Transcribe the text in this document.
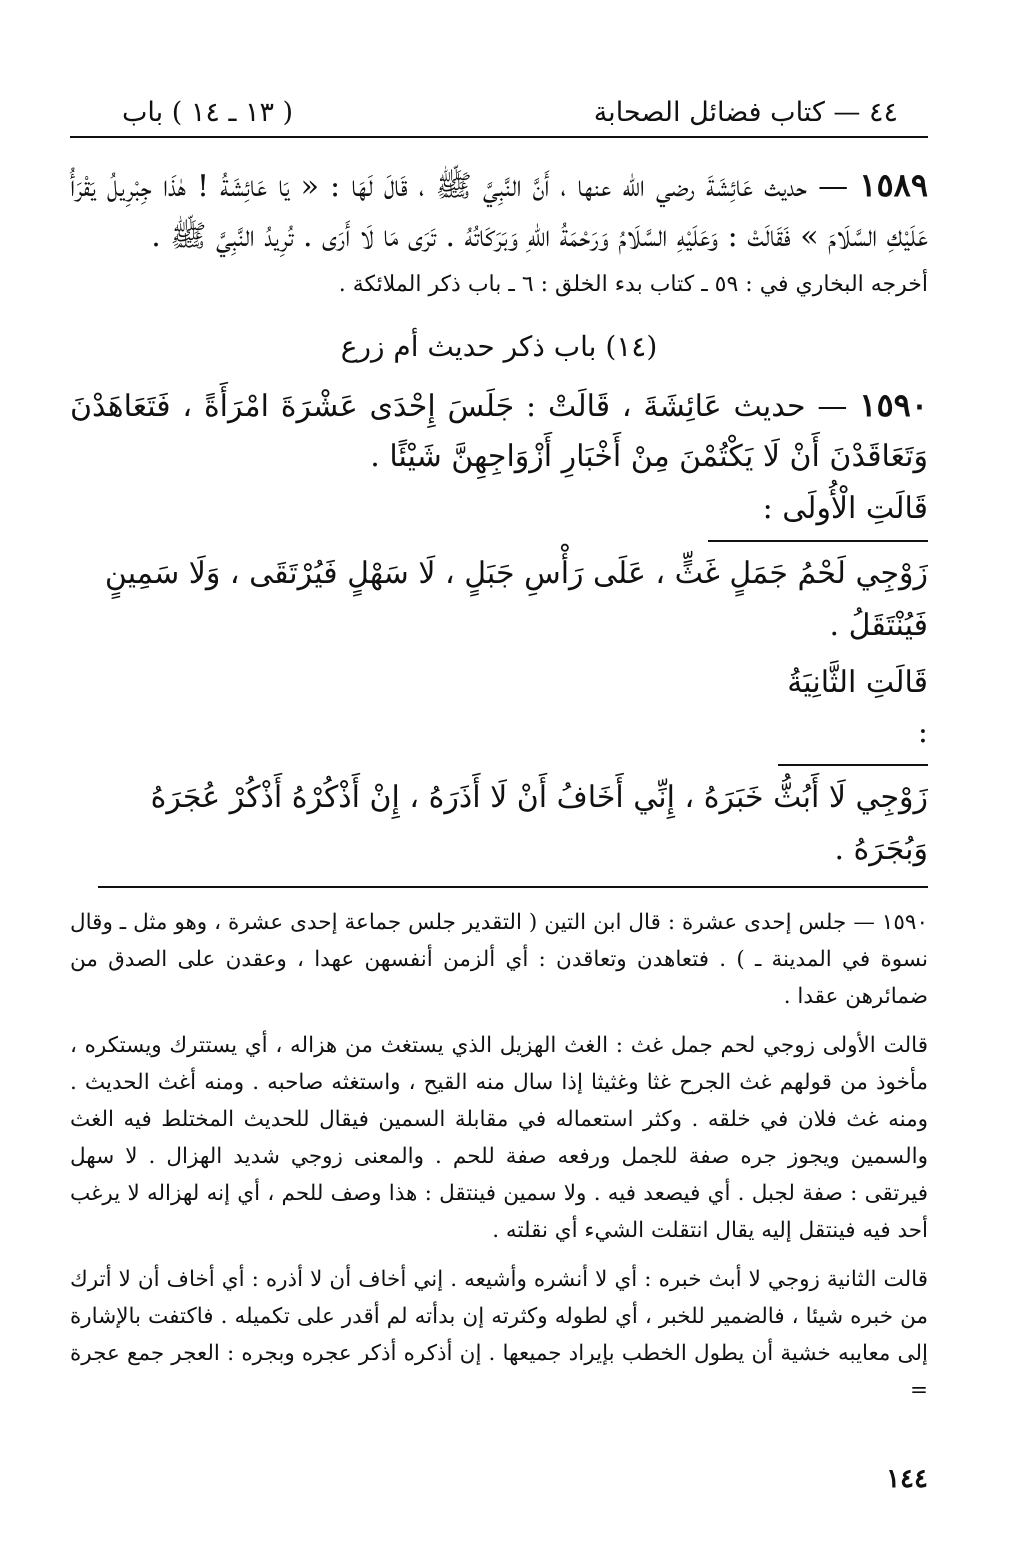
٤٤ — كتاب فضائل الصحابة
( ١٣ ـ ١٤ ) باب

١٥٨٩ — حديث عَائِشَةَ رضي الله عنها ، أَنَّ النَّبِيَّ ﷺ ، قَالَ لَهَا : « يَا عَائِشَةُ ! هٰذَا جِبْرِيلُ يَقْرَأُ عَلَيْكِ السَّلَامَ » فَقَالَتْ : وَعَلَيْهِ السَّلَامُ وَرَحْمَةُ اللهِ وَبَرَكَاتُهُ . تَرَى مَا لَا أَرَى . تُرِيدُ النَّبِيَّ ﷺ .

أخرجه البخاري في : ٥٩ ـ كتاب بدء الخلق : ٦ ـ باب ذكر الملائكة .

(١٤) باب ذكر حديث أم زرع

١٥٩٠ — حديث عَائِشَةَ ، قَالَتْ : جَلَسَ إِحْدَى عَشْرَةَ امْرَأَةً ، فَتَعَاهَدْنَ وَتَعَاقَدْنَ أَنْ لَا يَكْتُمْنَ مِنْ أَخْبَارِ أَزْوَاجِهِنَّ شَيْئًا .

قَالَتِ الْأُولَى :

زَوْجِي لَحْمُ جَمَلٍ غَثٍّ ، عَلَى رَأْسِ جَبَلٍ ، لَا سَهْلٍ فَيُرْتَقَى ، وَلَا سَمِينٍ فَيُنْتَقَلُ .

قَالَتِ الثَّانِيَةُ :

زَوْجِي لَا أَبُثُّ خَبَرَهُ ، إِنِّي أَخَافُ أَنْ لَا أَذَرَهُ ، إِنْ أَذْكُرْهُ أَذْكُرْ عُجَرَهُ وَبُجَرَهُ .

١٥٩٠ — جلس إحدى عشرة : قال ابن التين ( التقدير جلس جماعة إحدى عشرة ، وهو مثل ـ وقال نسوة في المدينة ـ ) . فتعاهدن وتعاقدن : أي ألزمن أنفسهن عهدا ، وعقدن على الصدق من ضمائرهن عقدا .

قالت الأولى زوجي لحم جمل غث : الغث الهزيل الذي يستغث من هزاله ، أي يستترك ويستكره ، مأخوذ من قولهم غث الجرح غثا وغثيثا إذا سال منه القيح ، واستغثه صاحبه . ومنه أغث الحديث . ومنه غث فلان في خلقه . وكثر استعماله في مقابلة السمين فيقال للحديث المختلط فيه الغث والسمين ويجوز جره صفة للجمل ورفعه صفة للحم . والمعنى زوجي شديد الهزال . لا سهل فيرتقى : صفة لجبل . أي فيصعد فيه . ولا سمين فينتقل : هذا وصف للحم ، أي إنه لهزاله لا يرغب أحد فيه فينتقل إليه يقال انتقلت الشيء أي نقلته .

قالت الثانية زوجي لا أبث خبره : أي لا أنشره وأشيعه . إني أخاف أن لا أذره : أي أخاف أن لا أترك من خبره شيئا ، فالضمير للخبر ، أي لطوله وكثرته إن بدأته لم أقدر على تكميله . فاكتفت بالإشارة إلى معايبه خشية أن يطول الخطب بإيراد جميعها . إن أذكره أذكر عجره وبجره : العجر جمع عجرة =

١٤٤
